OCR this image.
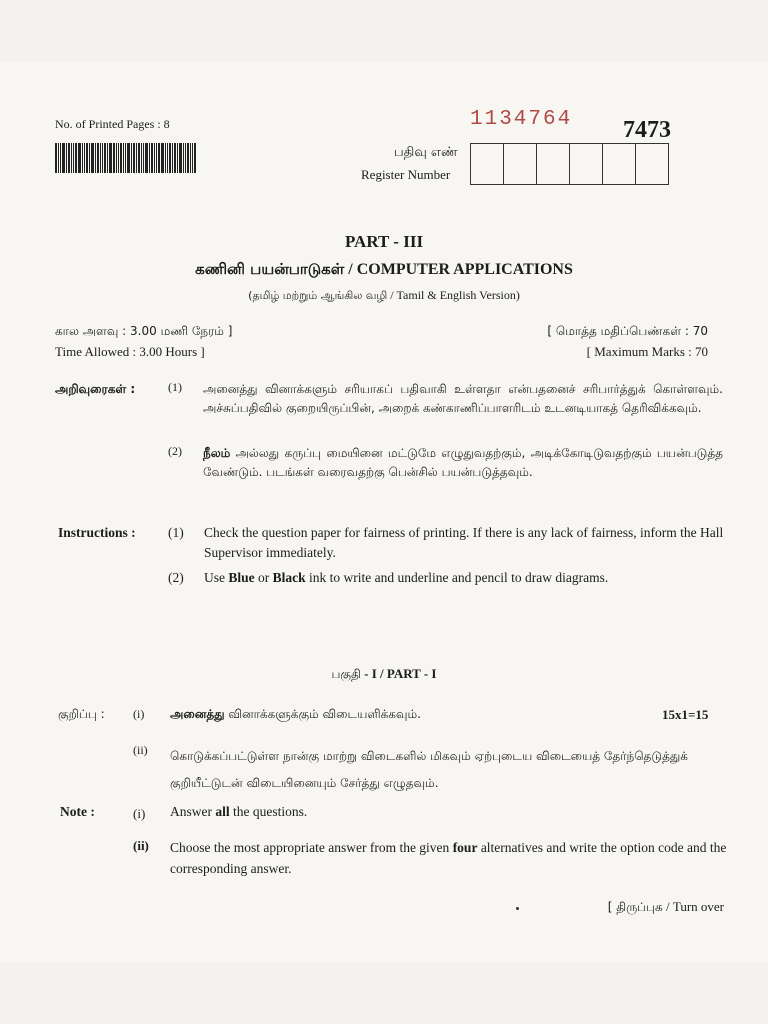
No. of Printed Pages : 8	1134764 7473
பதிவு எண்
Register Number
PART - III
கணினி பயன்பாடுகள் / COMPUTER APPLICATIONS
(தமிழ் மற்றும் ஆங்கில வழி / Tamil & English Version)
கால அளவு : 3.00 மணி நேரம் ]
Time Allowed : 3.00 Hours ]
[ மொத்த மதிப்பெண்கள் : 70
[ Maximum Marks : 70
அறிவுரைகள் :	(1) அனைத்து வினாக்களும் சரியாகப் பதிவாகி உள்ளதா என்பதனைச் சரிபார்த்துக் கொள்ளவும். அச்சுப்பதிவில் குறையிருப்பின், அறைக் கண்காணிப்பாளரிடம் உடனடியாகத் தெரிவிக்கவும்.
(2) நீலம் அல்லது கருப்பு மையினை மட்டுமே எழுதுவதற்கும், அடிக்கோடிடுவதற்கும் பயன்படுத்த வேண்டும். படங்கள் வரைவதற்கு பென்சில் பயன்படுத்தவும்.
Instructions : (1) Check the question paper for fairness of printing. If there is any lack of fairness, inform the Hall Supervisor immediately.
(2) Use Blue or Black ink to write and underline and pencil to draw diagrams.
பகுதி - I / PART - I
குறிப்பு : (i) அனைத்து வினாக்களுக்கும் விடையளிக்கவும்.	15x1=15
(ii) கொடுக்கப்பட்டுள்ள நான்கு மாற்று விடைகளில் மிகவும் ஏற்புடைய விடையைத் தேர்ந்தெடுத்துக் குறியீட்டுடன் விடையினையும் சேர்த்து எழுதவும்.
Note :	(i) Answer all the questions.
(ii) Choose the most appropriate answer from the given four alternatives and write the option code and the corresponding answer.
[ திருப்புக / Turn over
